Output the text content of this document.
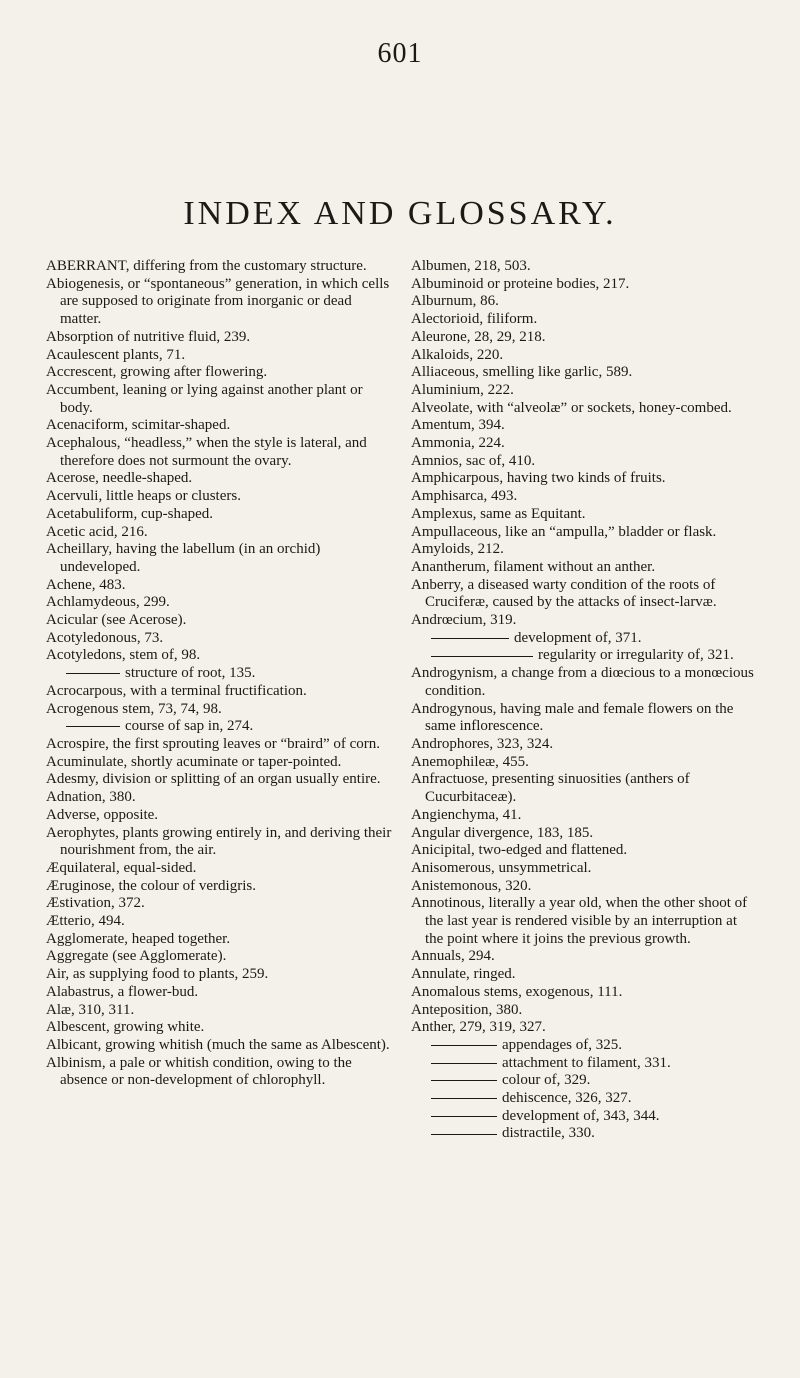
601
INDEX AND GLOSSARY.

ABERRANT, differing from the customary structure.

Abiogenesis, or “spontaneous” generation, in which cells are supposed to originate from inorganic or dead matter.

Absorption of nutritive fluid, 239.

Acaulescent plants, 71.

Accrescent, growing after flowering.

Accumbent, leaning or lying against another plant or body.

Acenaciform, scimitar-shaped.

Acephalous, “headless,” when the style is lateral, and therefore does not surmount the ovary.

Acerose, needle-shaped.

Acervuli, little heaps or clusters.

Acetabuliform, cup-shaped.

Acetic acid, 216.

Acheillary, having the labellum (in an orchid) undeveloped.

Achene, 483.

Achlamydeous, 299.

Acicular (see Acerose).

Acotyledonous, 73.

Acotyledons, stem of, 98.

structure of root, 135.

Acrocarpous, with a terminal fructification.

Acrogenous stem, 73, 74, 98.

course of sap in, 274.

Acrospire, the first sprouting leaves or “braird” of corn.

Acuminulate, shortly acuminate or taper-pointed.

Adesmy, division or splitting of an organ usually entire.

Adnation, 380.

Adverse, opposite.

Aerophytes, plants growing entirely in, and deriving their nourishment from, the air.

Æquilateral, equal-sided.

Æruginose, the colour of verdigris.

Æstivation, 372.

Ætterio, 494.

Agglomerate, heaped together.

Aggregate (see Agglomerate).

Air, as supplying food to plants, 259.

Alabastrus, a flower-bud.

Alæ, 310, 311.

Albescent, growing white.

Albicant, growing whitish (much the same as Albescent).

Albinism, a pale or whitish condition, owing to the absence or non-development of chlorophyll.

Albumen, 218, 503.

Albuminoid or proteine bodies, 217.

Alburnum, 86.

Alectorioid, filiform.

Aleurone, 28, 29, 218.

Alkaloids, 220.

Alliaceous, smelling like garlic, 589.

Aluminium, 222.

Alveolate, with “alveolæ” or sockets, honey-combed.

Amentum, 394.

Ammonia, 224.

Amnios, sac of, 410.

Amphicarpous, having two kinds of fruits.

Amphisarca, 493.

Amplexus, same as Equitant.

Ampullaceous, like an “ampulla,” bladder or flask.

Amyloids, 212.

Anantherum, filament without an anther.

Anberry, a diseased warty condition of the roots of Cruciferæ, caused by the attacks of insect-larvæ.

Andrœcium, 319.

development of, 371.

regularity or irregularity of, 321.

Androgynism, a change from a diœcious to a monœcious condition.

Androgynous, having male and female flowers on the same inflorescence.

Androphores, 323, 324.

Anemophileæ, 455.

Anfractuose, presenting sinuosities (anthers of Cucurbitaceæ).

Angienchyma, 41.

Angular divergence, 183, 185.

Anicipital, two-edged and flattened.

Anisomerous, unsymmetrical.

Anistemonous, 320.

Annotinous, literally a year old, when the other shoot of the last year is rendered visible by an interruption at the point where it joins the previous growth.

Annuals, 294.

Annulate, ringed.

Anomalous stems, exogenous, 111.

Anteposition, 380.

Anther, 279, 319, 327.

appendages of, 325.

attachment to filament, 331.

colour of, 329.

dehiscence, 326, 327.

development of, 343, 344.

distractile, 330.
